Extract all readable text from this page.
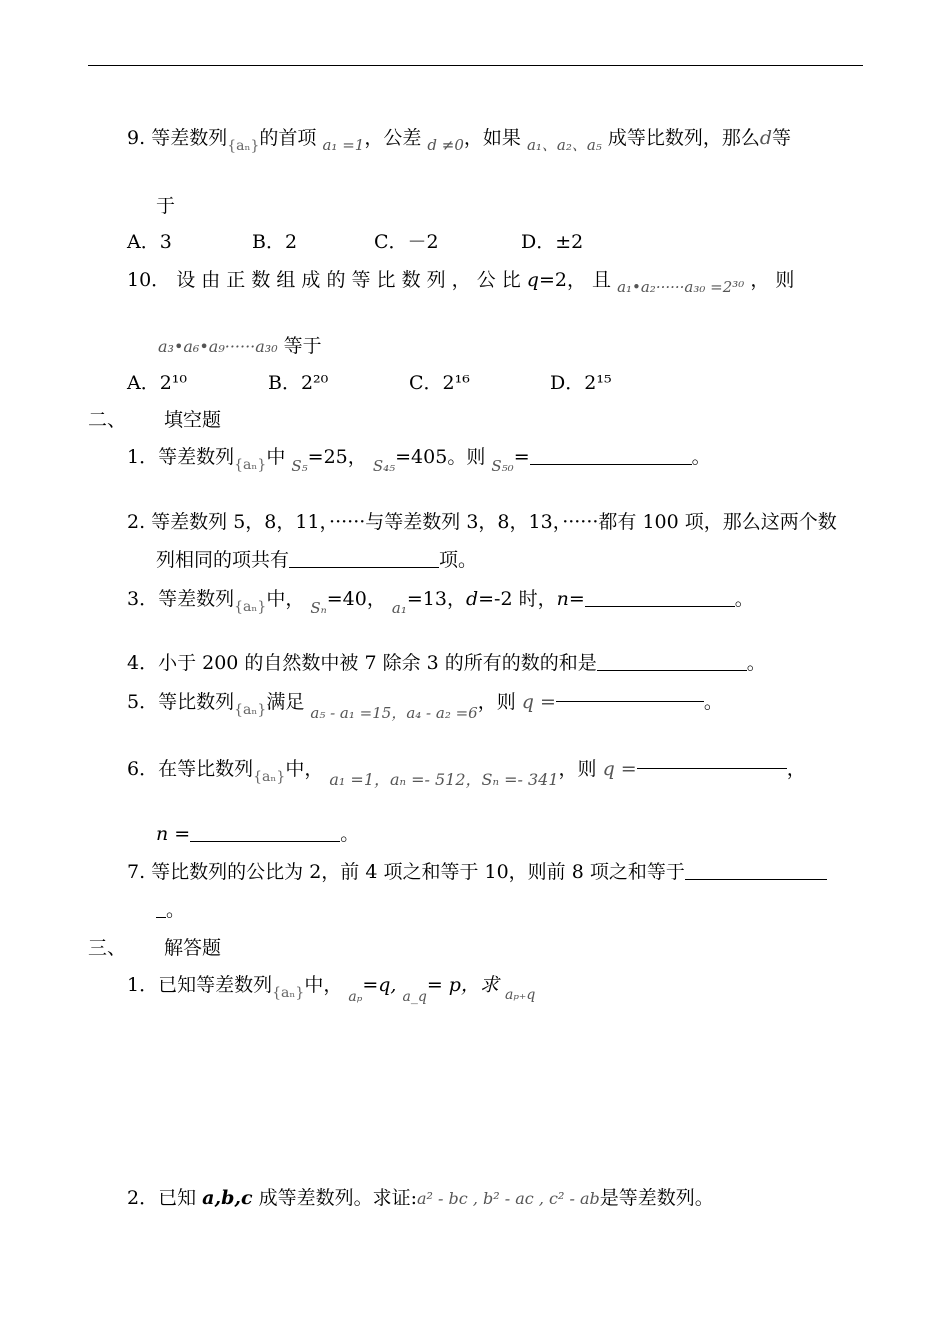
9. 等差数列$_{\{a_n\}}$的首项 $_{a_1 =1}$，公差 $_{d \ne 0}$，如果 $_{a_1、a_2、a_5}$ 成等比数列，那么d等
于
A．3	B．2	C．－2	D．±2
10． 设 由 正 数 组 成 的 等 比 数 列 ， 公 比 q=2， 且 $_{a_1•a_2\cdot\cdot\cdot\cdot\cdot\cdot a_{30} =2^{30}}$ ， 则
a₃•a₆•a₉······a₃₀ 等于
A．2¹⁰	B．2²⁰	C．2¹⁶	D．2¹⁵
二、 填空题
1．等差数列$_{\{a_n\}}$中 $_{S_5}$=25， $_{S_{45}}$=405。则 $_{S_{50}}$=	。
2. 等差数列 5，8，11，······与等差数列 3，8，13，······都有 100 项，那么这两个数
列相同的项共有	项。
3．等差数列$_{\{a_n\}}$中， $_{S_n}$=40， $_{a_1}$=13，d=-2 时，n=	。
4．小于 200 的自然数中被 7 除余 3 的所有的数的和是	。
5．等比数列$_{\{a_n\}}$满足 $_{a_5 - a_1 =15,a_4 - a_2 =6}$，则 q =	。
6．在等比数列$_{\{a_n\}}$中， $_{a_1 =1,a_n =- 512,S_n =- 341}$，则 q =	，
n =	。
7. 等比数列的公比为 2，前 4 项之和等于 10，则前 8 项之和等于
。
三、 解答题
1．已知等差数列$_{\{a_n\}}$中， $_{a_p}$=q, $_{a\_q}$= p，求 $_{a_{p+}q}$
2．已知 a,b,c 成等差数列。求证:a² - bc , b² - ac , c² - ab是等差数列。
